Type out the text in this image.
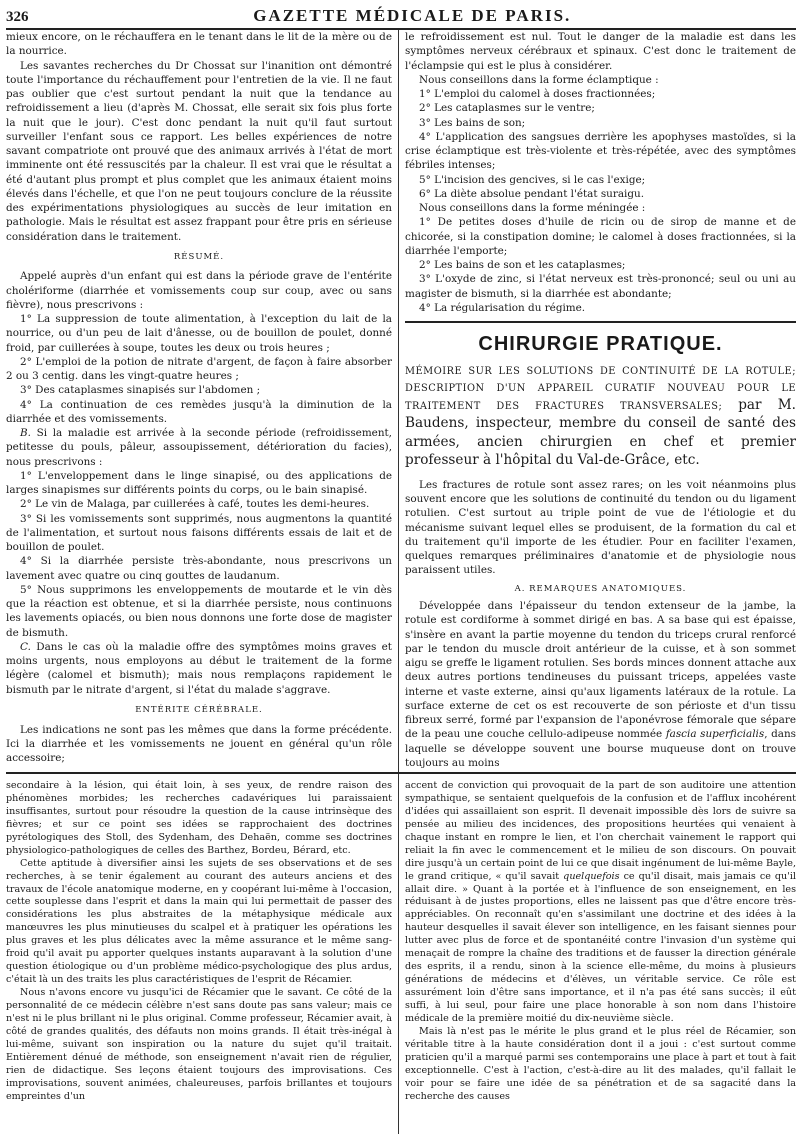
326	GAZETTE MÉDICALE DE PARIS.

mieux encore, on le réchauffera en le tenant dans le lit de la mère ou de la nourrice.

Les savantes recherches du Dr Chossat sur l'inanition ont démontré toute l'importance du réchauffement pour l'entretien de la vie. Il ne faut pas oublier que c'est surtout pendant la nuit que la tendance au refroidissement a lieu (d'après M. Chossat, elle serait six fois plus forte la nuit que le jour). C'est donc pendant la nuit qu'il faut surtout surveiller l'enfant sous ce rapport. Les belles expériences de notre savant compatriote ont prouvé que des animaux arrivés à l'état de mort imminente ont été ressuscités par la chaleur. Il est vrai que le résultat a été d'autant plus prompt et plus complet que les animaux étaient moins élevés dans l'échelle, et que l'on ne peut toujours conclure de la réussite des expérimentations physiologiques au succès de leur imitation en pathologie. Mais le résultat est assez frappant pour être pris en sérieuse considération dans le traitement.

RÉSUMÉ.

Appelé auprès d'un enfant qui est dans la période grave de l'entérite cholériforme (diarrhée et vomissements coup sur coup, avec ou sans fièvre), nous prescrivons :

1° La suppression de toute alimentation, à l'exception du lait de la nourrice, ou d'un peu de lait d'ânesse, ou de bouillon de poulet, donné froid, par cuillerées à soupe, toutes les deux ou trois heures ;

2° L'emploi de la potion de nitrate d'argent, de façon à faire absorber 2 ou 3 centig. dans les vingt-quatre heures ;

3° Des cataplasmes sinapisés sur l'abdomen ;

4° La continuation de ces remèdes jusqu'à la diminution de la diarrhée et des vomissements.

B. Si la maladie est arrivée à la seconde période (refroidissement, petitesse du pouls, pâleur, assoupissement, détérioration du facies), nous prescrivons :

1° L'enveloppement dans le linge sinapisé, ou des applications de larges sinapismes sur différents points du corps, ou le bain sinapisé.

2° Le vin de Malaga, par cuillerées à café, toutes les demi-heures.

3° Si les vomissements sont supprimés, nous augmentons la quantité de l'alimentation, et surtout nous faisons différents essais de lait et de bouillon de poulet.

4° Si la diarrhée persiste très-abondante, nous prescrivons un lavement avec quatre ou cinq gouttes de laudanum.

5° Nous supprimons les enveloppements de moutarde et le vin dès que la réaction est obtenue, et si la diarrhée persiste, nous continuons les lavements opiacés, ou bien nous donnons une forte dose de magister de bismuth.

C. Dans le cas où la maladie offre des symptômes moins graves et moins urgents, nous employons au début le traitement de la forme légère (calomel et bismuth); mais nous remplaçons rapidement le bismuth par le nitrate d'argent, si l'état du malade s'aggrave.

ENTÉRITE CÉRÉBRALE.

Les indications ne sont pas les mêmes que dans la forme précédente. Ici la diarrhée et les vomissements ne jouent en général qu'un rôle accessoire;

le refroidissement est nul. Tout le danger de la maladie est dans les symptômes nerveux cérébraux et spinaux. C'est donc le traitement de l'éclampsie qui est le plus à considérer.

Nous conseillons dans la forme éclamptique :

1° L'emploi du calomel à doses fractionnées;

2° Les cataplasmes sur le ventre;

3° Les bains de son;

4° L'application des sangsues derrière les apophyses mastoïdes, si la crise éclamptique est très-violente et très-répétée, avec des symptômes fébriles intenses;

5° L'incision des gencives, si le cas l'exige;

6° La diète absolue pendant l'état suraigu.

Nous conseillons dans la forme méningée :

1° De petites doses d'huile de ricin ou de sirop de manne et de chicorée, si la constipation domine; le calomel à doses fractionnées, si la diarrhée l'emporte;

2° Les bains de son et les cataplasmes;

3° L'oxyde de zinc, si l'état nerveux est très-prononcé; seul ou uni au magister de bismuth, si la diarrhée est abondante;

4° La régularisation du régime.

CHIRURGIE PRATIQUE.

MÉMOIRE SUR LES SOLUTIONS DE CONTINUITÉ DE LA ROTULE; DESCRIPTION D'UN APPAREIL CURATIF NOUVEAU POUR LE TRAITEMENT DES FRACTURES TRANSVERSALES; par M. Baudens, inspecteur, membre du conseil de santé des armées, ancien chirurgien en chef et premier professeur à l'hôpital du Val-de-Grâce, etc.

Les fractures de rotule sont assez rares; on les voit néanmoins plus souvent encore que les solutions de continuité du tendon ou du ligament rotulien. C'est surtout au triple point de vue de l'étiologie et du mécanisme suivant lequel elles se produisent, de la formation du cal et du traitement qu'il importe de les étudier. Pour en faciliter l'examen, quelques remarques préliminaires d'anatomie et de physiologie nous paraissent utiles.

A. REMARQUES ANATOMIQUES.

Développée dans l'épaisseur du tendon extenseur de la jambe, la rotule est cordiforme à sommet dirigé en bas. A sa base qui est épaisse, s'insère en avant la partie moyenne du tendon du triceps crural renforcé par le tendon du muscle droit antérieur de la cuisse, et à son sommet aigu se greffe le ligament rotulien. Ses bords minces donnent attache aux deux autres portions tendineuses du puissant triceps, appelées vaste interne et vaste externe, ainsi qu'aux ligaments latéraux de la rotule. La surface externe de cet os est recouverte de son périoste et d'un tissu fibreux serré, formé par l'expansion de l'aponévrose fémorale que sépare de la peau une couche cellulo-adipeuse nommée fascia superficialis, dans laquelle se développe souvent une bourse muqueuse dont on trouve toujours au moins

secondaire à la lésion, qui était loin, à ses yeux, de rendre raison des phénomènes morbides; les recherches cadavériques lui paraissaient insuffisantes, surtout pour résoudre la question de la cause intrinsèque des fièvres; et sur ce point ses idées se rapprochaient des doctrines pyrétologiques des Stoll, des Sydenham, des Dehaën, comme ses doctrines physiologico-pathologiques de celles des Barthez, Bordeu, Bérard, etc.

Cette aptitude à diversifier ainsi les sujets de ses observations et de ses recherches, à se tenir également au courant des auteurs anciens et des travaux de l'école anatomique moderne, en y coopérant lui-même à l'occasion, cette souplesse dans l'esprit et dans la main qui lui permettait de passer des considérations les plus abstraites de la métaphysique médicale aux manœuvres les plus minutieuses du scalpel et à pratiquer les opérations les plus graves et les plus délicates avec la même assurance et le même sang-froid qu'il avait pu apporter quelques instants auparavant à la solution d'une question étiologique ou d'un problème médico-psychologique des plus ardus, c'était là un des traits les plus caractéristiques de l'esprit de Récamier.

Nous n'avons encore vu jusqu'ici de Récamier que le savant. Ce côté de la personnalité de ce médecin célèbre n'est sans doute pas sans valeur; mais ce n'est ni le plus brillant ni le plus original. Comme professeur, Récamier avait, à côté de grandes qualités, des défauts non moins grands. Il était très-inégal à lui-même, suivant son inspiration ou la nature du sujet qu'il traitait. Entièrement dénué de méthode, son enseignement n'avait rien de régulier, rien de didactique. Ses leçons étaient toujours des improvisations. Ces improvisations, souvent animées, chaleureuses, parfois brillantes et toujours empreintes d'un

accent de conviction qui provoquait de la part de son auditoire une attention sympathique, se sentaient quelquefois de la confusion et de l'afflux incohérent d'idées qui assaillaient son esprit. Il devenait impossible dès lors de suivre sa pensée au milieu des incidences, des propositions heurtées qui venaient à chaque instant en rompre le lien, et l'on cherchait vainement le rapport qui reliait la fin avec le commencement et le milieu de son discours. On pouvait dire jusqu'à un certain point de lui ce que disait ingénument de lui-même Bayle, le grand critique, « qu'il savait quelquefois ce qu'il disait, mais jamais ce qu'il allait dire. » Quant à la portée et à l'influence de son enseignement, en les réduisant à de justes proportions, elles ne laissent pas que d'être encore très-appréciables. On reconnaît qu'en s'assimilant une doctrine et des idées à la hauteur desquelles il savait élever son intelligence, en les faisant siennes pour lutter avec plus de force et de spontanéité contre l'invasion d'un système qui menaçait de rompre la chaîne des traditions et de fausser la direction générale des esprits, il a rendu, sinon à la science elle-même, du moins à plusieurs générations de médecins et d'élèves, un véritable service. Ce rôle est assurément loin d'être sans importance, et il n'a pas été sans succès; il eût suffi, à lui seul, pour faire une place honorable à son nom dans l'histoire médicale de la première moitié du dix-neuvième siècle.

Mais là n'est pas le mérite le plus grand et le plus réel de Récamier, son véritable titre à la haute considération dont il a joui : c'est surtout comme praticien qu'il a marqué parmi ses contemporains une place à part et tout à fait exceptionnelle. C'est à l'action, c'est-à-dire au lit des malades, qu'il fallait le voir pour se faire une idée de sa pénétration et de sa sagacité dans la recherche des causes
